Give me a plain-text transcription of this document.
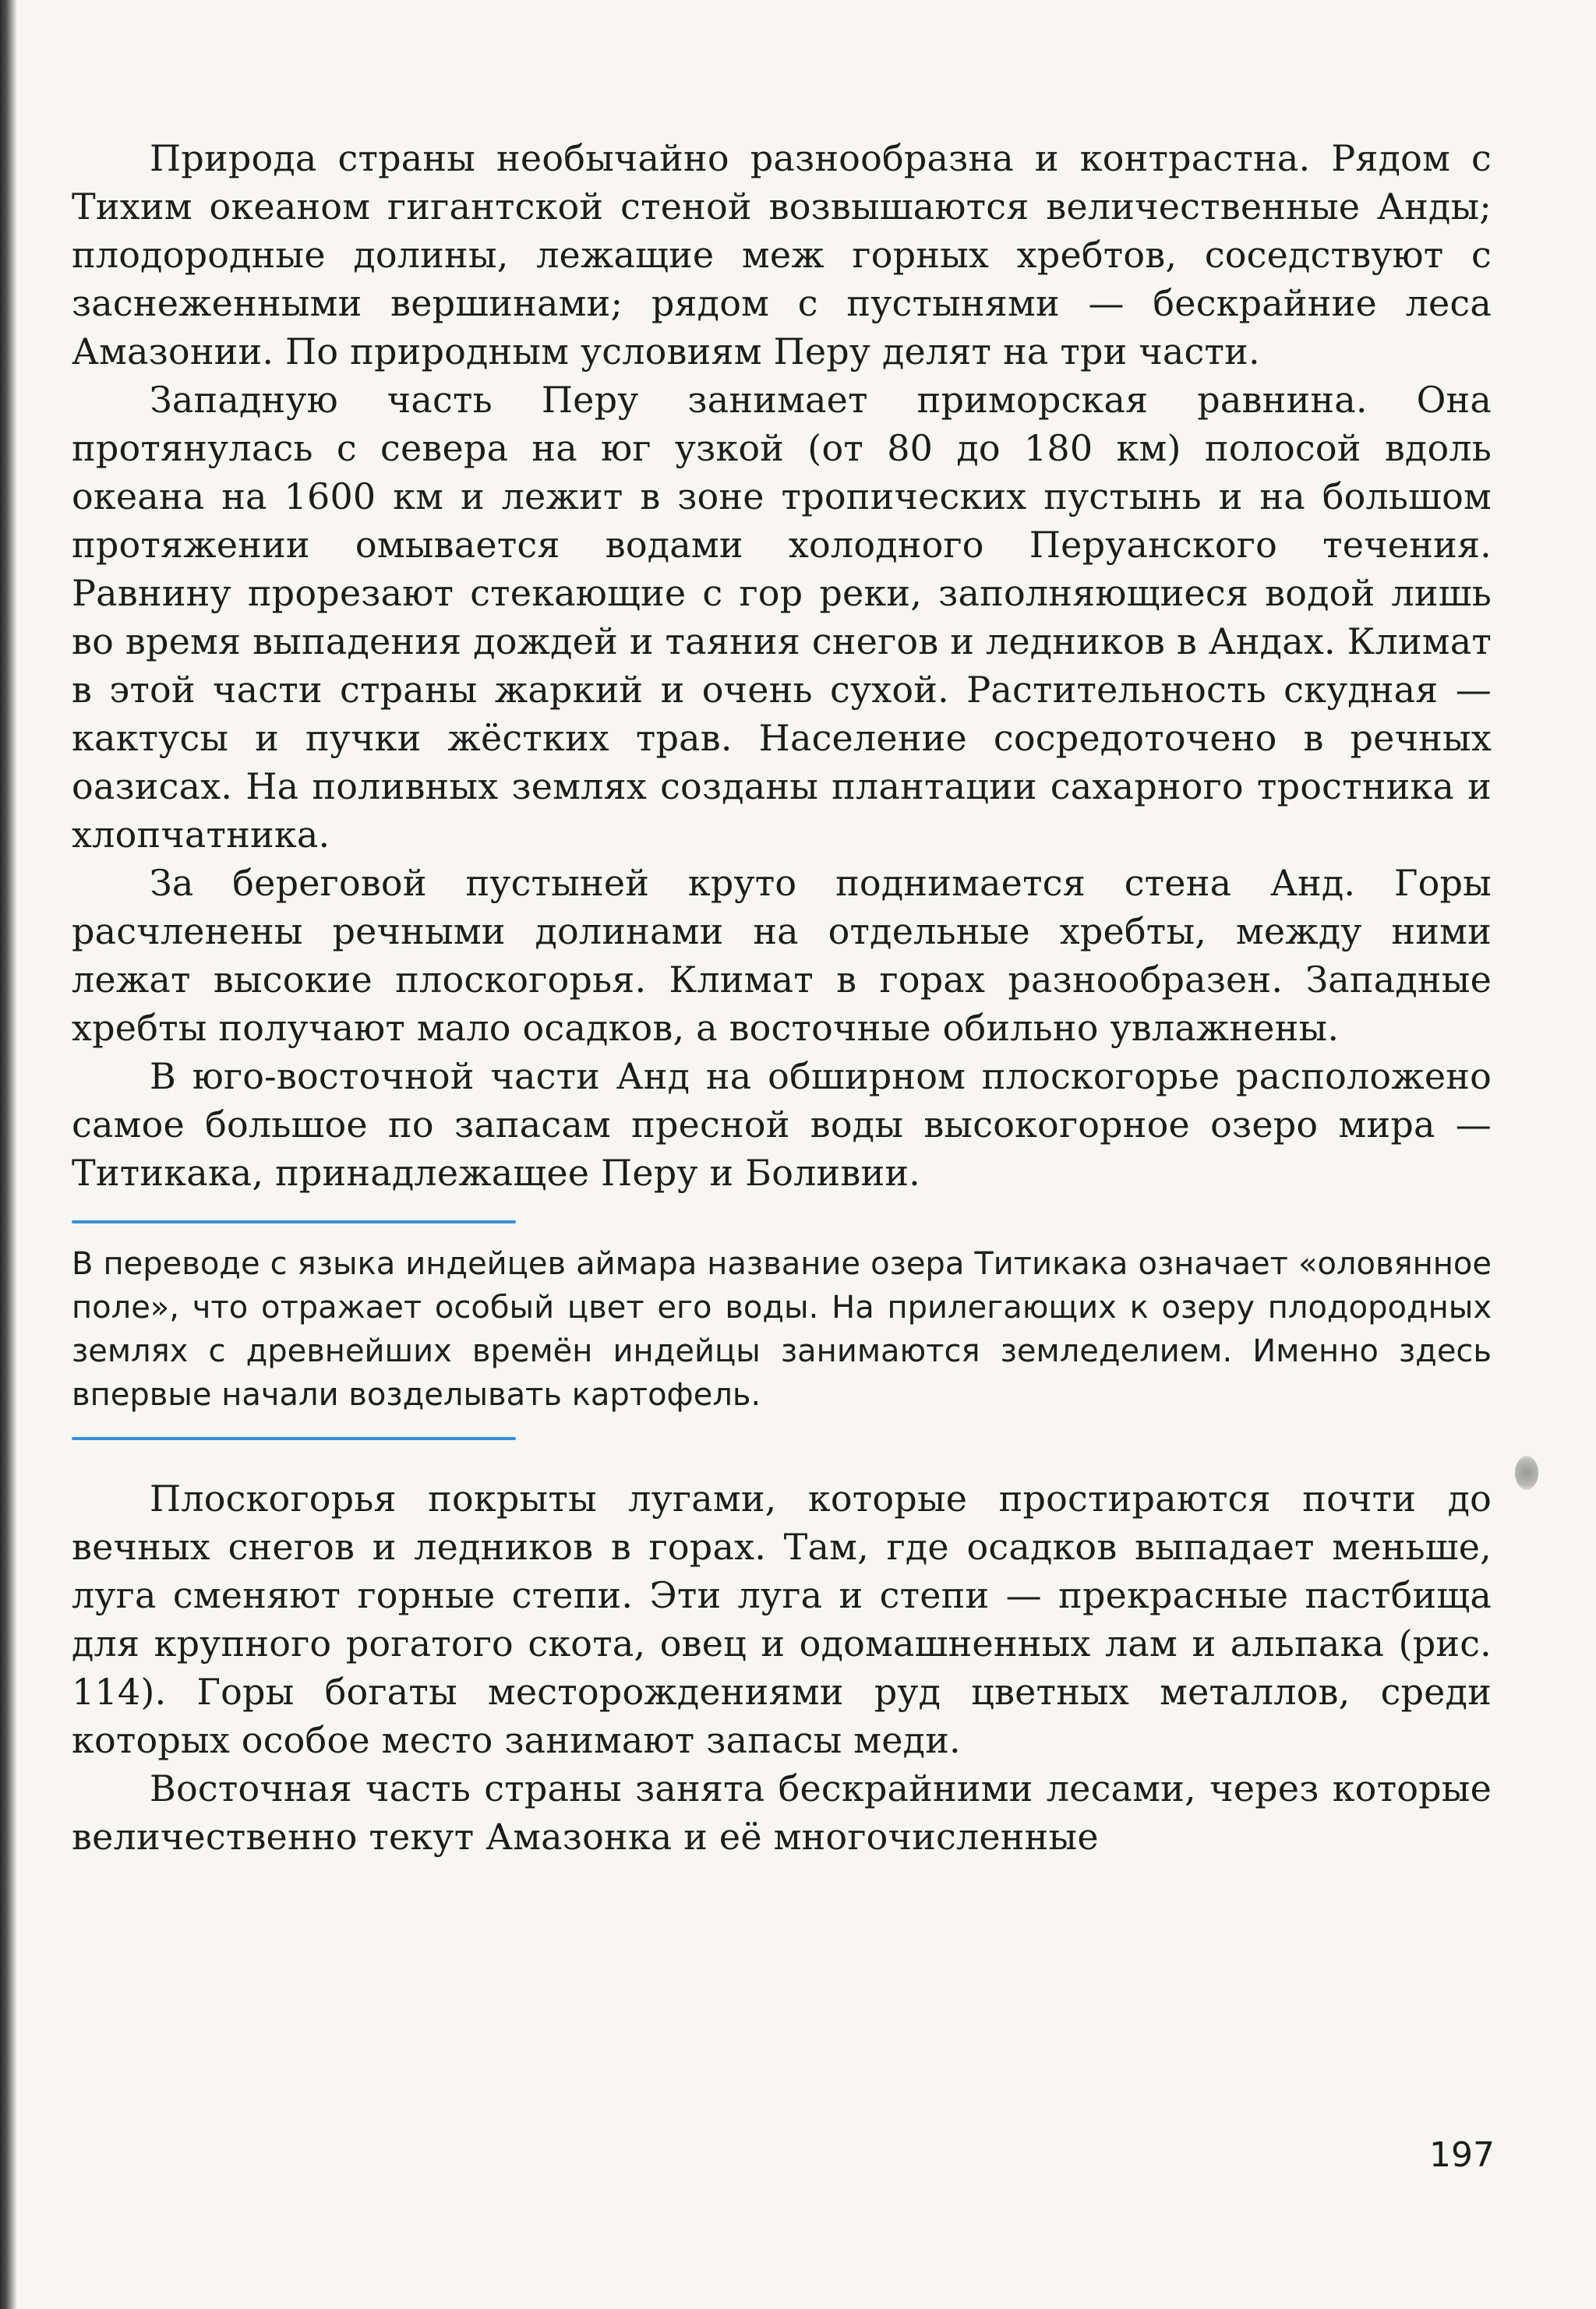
Природа страны необычайно разнообразна и контрастна. Рядом с Тихим океаном гигантской стеной возвышаются величественные Анды; плодородные долины, лежащие меж горных хребтов, соседствуют с заснеженными вершинами; рядом с пустынями — бескрайние леса Амазонии. По природным условиям Перу делят на три части.

Западную часть Перу занимает приморская равнина. Она протянулась с севера на юг узкой (от 80 до 180 км) полосой вдоль океана на 1600 км и лежит в зоне тропических пустынь и на большом протяжении омывается водами холодного Перуанского течения. Равнину прорезают стекающие с гор реки, заполняющиеся водой лишь во время выпадения дождей и таяния снегов и ледников в Андах. Климат в этой части страны жаркий и очень сухой. Растительность скудная — кактусы и пучки жёстких трав. Население сосредоточено в речных оазисах. На поливных землях созданы плантации сахарного тростника и хлопчатника.

За береговой пустыней круто поднимается стена Анд. Горы расчленены речными долинами на отдельные хребты, между ними лежат высокие плоскогорья. Климат в горах разнообразен. Западные хребты получают мало осадков, а восточные обильно увлажнены.

В юго-восточной части Анд на обширном плоскогорье расположено самое большое по запасам пресной воды высокогорное озеро мира — Титикака, принадлежащее Перу и Боливии.

В переводе с языка индейцев аймара название озера Титикака означает «оловянное поле», что отражает особый цвет его воды. На прилегающих к озеру плодородных землях с древнейших времён индейцы занимаются земледелием. Именно здесь впервые начали возделывать картофель.

Плоскогорья покрыты лугами, которые простираются почти до вечных снегов и ледников в горах. Там, где осадков выпадает меньше, луга сменяют горные степи. Эти луга и степи — прекрасные пастбища для крупного рогатого скота, овец и одомашненных лам и альпака (рис. 114). Горы богаты месторождениями руд цветных металлов, среди которых особое место занимают запасы меди.

Восточная часть страны занята бескрайними лесами, через которые величественно текут Амазонка и её многочисленные

197
